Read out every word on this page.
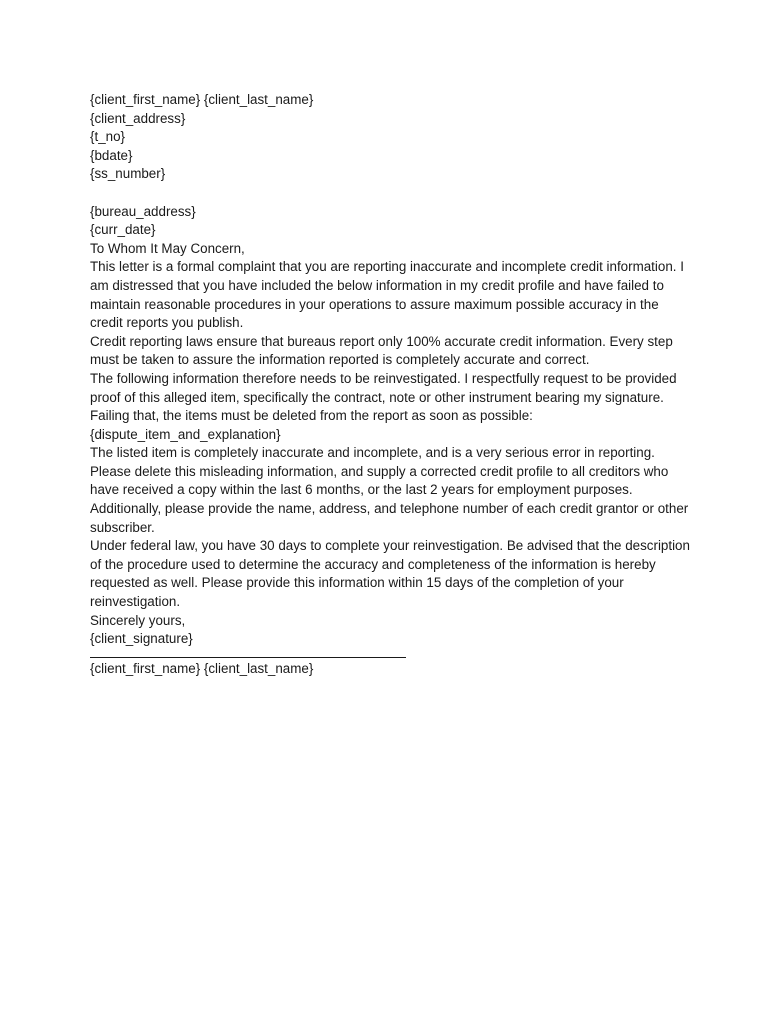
{client_first_name} {client_last_name}

{client_address}

{t_no}

{bdate}

{ss_number}

{bureau_address}

{curr_date}

To Whom It May Concern,

This letter is a formal complaint that you are reporting inaccurate and incomplete credit information. I am distressed that you have included the below information in my credit profile and have failed to maintain reasonable procedures in your operations to assure maximum possible accuracy in the credit reports you publish.

Credit reporting laws ensure that bureaus report only 100% accurate credit information. Every step must be taken to assure the information reported is completely accurate and correct.

The following information therefore needs to be reinvestigated. I respectfully request to be provided proof of this alleged item, specifically the contract, note or other instrument bearing my signature. Failing that, the items must be deleted from the report as soon as possible:

{dispute_item_and_explanation}

The listed item is completely inaccurate and incomplete, and is a very serious error in reporting. Please delete this misleading information, and supply a corrected credit profile to all creditors who have received a copy within the last 6 months, or the last 2 years for employment purposes.

Additionally, please provide the name, address, and telephone number of each credit grantor or other subscriber.

Under federal law, you have 30 days to complete your reinvestigation. Be advised that the description of the procedure used to determine the accuracy and completeness of the information is hereby requested as well. Please provide this information within 15 days of the completion of your reinvestigation.

Sincerely yours,

{client_signature}

{client_first_name} {client_last_name}
